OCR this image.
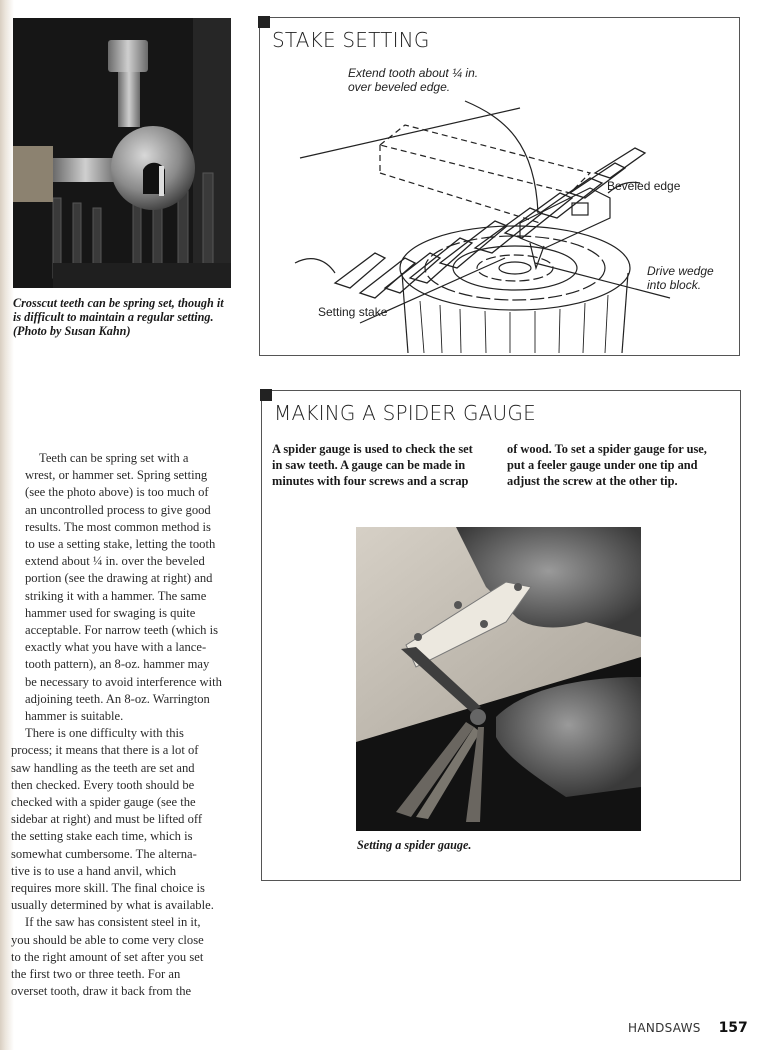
Crosscut teeth can be spring set, though it is difficult to maintain a regular setting. (Photo by Susan Kahn)

Teeth can be spring set with a
wrest, or hammer set. Spring setting
(see the photo above) is too much of
an uncontrolled process to give good
results. The most common method is
to use a setting stake, letting the tooth
extend about ¼ in. over the beveled
portion (see the drawing at right) and
striking it with a hammer. The same
hammer used for swaging is quite
acceptable. For narrow teeth (which is
exactly what you have with a lance-
tooth pattern), an 8-oz. hammer may
be necessary to avoid interference with
adjoining teeth. An 8-oz. Warrington
hammer is suitable.

There is one difficulty with this
process; it means that there is a lot of
saw handling as the teeth are set and
then checked. Every tooth should be
checked with a spider gauge (see the
sidebar at right) and must be lifted off
the setting stake each time, which is
somewhat cumbersome. The alterna-
tive is to use a hand anvil, which
requires more skill. The final choice is
usually determined by what is available.

If the saw has consistent steel in it,
you should be able to come very close
to the right amount of set after you set
the first two or three teeth. For an
overset tooth, draw it back from the

STAKE SETTING
Extend tooth about ¼ in.
over beveled edge.
Beveled edge
Drive wedge
into block.
Setting stake
MAKING A SPIDER GAUGE
A spider gauge is used to check the set
in saw teeth. A gauge can be made in
minutes with four screws and a scrap
of wood. To set a spider gauge for use,
put a feeler gauge under one tip and
adjust the screw at the other tip.
Setting a spider gauge.
HANDSAWS 157
